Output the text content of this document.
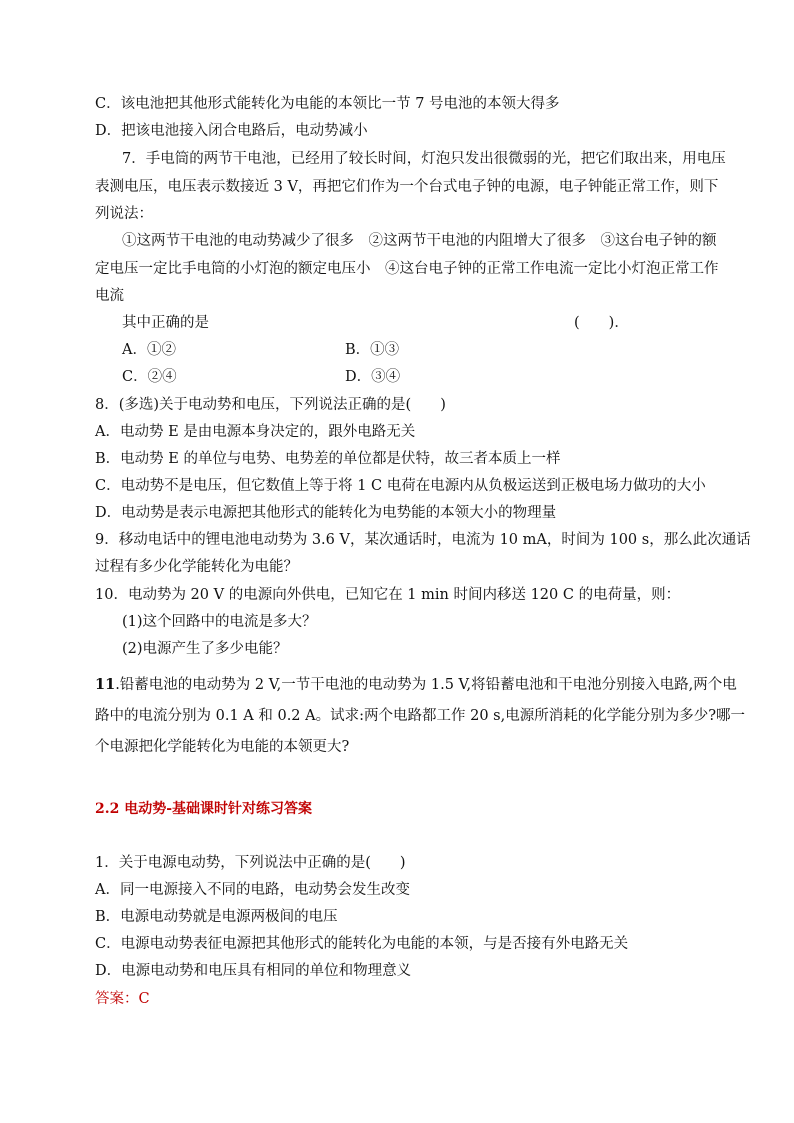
C．该电池把其他形式能转化为电能的本领比一节 7 号电池的本领大得多
D．把该电池接入闭合电路后，电动势减小
7．手电筒的两节干电池，已经用了较长时间，灯泡只发出很微弱的光，把它们取出来，用电压
表测电压，电压表示数接近 3 V，再把它们作为一个台式电子钟的电源，电子钟能正常工作，则下
列说法：
①这两节干电池的电动势减少了很多　②这两节干电池的内阻增大了很多　③这台电子钟的额
定电压一定比手电筒的小灯泡的额定电压小　④这台电子钟的正常工作电流一定比小灯泡正常工作
电流
其中正确的是	(　　)．
A．①②	B．①③
C．②④	D．③④
8．(多选)关于电动势和电压，下列说法正确的是(　　)
A．电动势 E 是由电源本身决定的，跟外电路无关
B．电动势 E 的单位与电势、电势差的单位都是伏特，故三者本质上一样
C．电动势不是电压，但它数值上等于将 1 C 电荷在电源内从负极运送到正极电场力做功的大小
D．电动势是表示电源把其他形式的能转化为电势能的本领大小的物理量
9．移动电话中的锂电池电动势为 3.6 V，某次通话时，电流为 10 mA，时间为 100 s，那么此次通话
过程有多少化学能转化为电能？
10．电动势为 20 V 的电源向外供电，已知它在 1 min 时间内移送 120 C 的电荷量，则：
(1)这个回路中的电流是多大？
(2)电源产生了多少电能？
11.铅蓄电池的电动势为 2 V,一节干电池的电动势为 1.5 V,将铅蓄电池和干电池分别接入电路,两个电
路中的电流分别为 0.1 A 和 0.2 A。试求:两个电路都工作 20 s,电源所消耗的化学能分别为多少?哪一
个电源把化学能转化为电能的本领更大?
2.2 电动势-基础课时针对练习答案
1．关于电源电动势，下列说法中正确的是(　　)
A．同一电源接入不同的电路，电动势会发生改变
B．电源电动势就是电源两极间的电压
C．电源电动势表征电源把其他形式的能转化为电能的本领，与是否接有外电路无关
D．电源电动势和电压具有相同的单位和物理意义
答案：C
